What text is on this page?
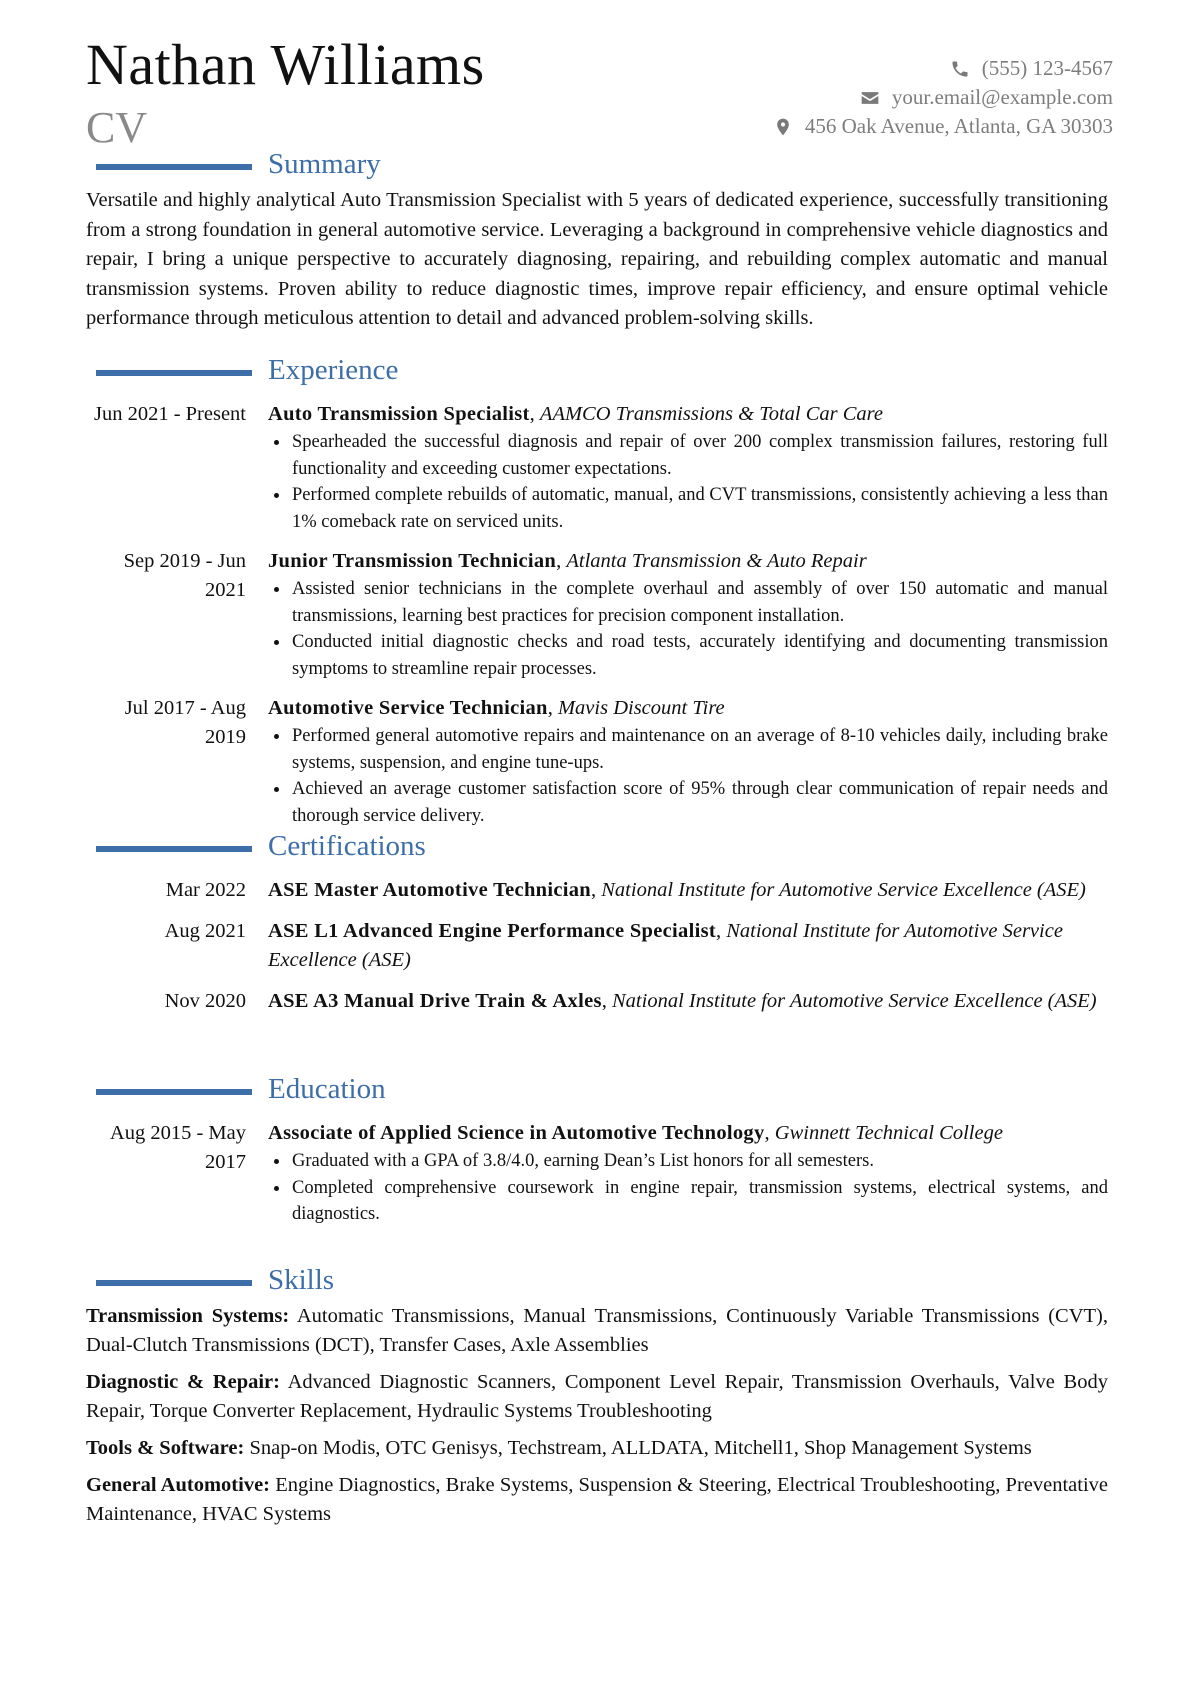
Nathan Williams
CV
(555) 123-4567
your.email@example.com
456 Oak Avenue, Atlanta, GA 30303
Summary
Versatile and highly analytical Auto Transmission Specialist with 5 years of dedicated experience, successfully transitioning from a strong foundation in general automotive service. Leveraging a background in comprehensive vehicle diagnostics and repair, I bring a unique perspective to accurately diagnosing, repairing, and rebuilding complex automatic and manual transmission systems. Proven ability to reduce diagnostic times, improve repair efficiency, and ensure optimal vehicle performance through meticulous attention to detail and advanced problem-solving skills.
Experience
Jun 2021 - Present Auto Transmission Specialist, AAMCO Transmissions & Total Car Care
Spearheaded the successful diagnosis and repair of over 200 complex transmission failures, restoring full functionality and exceeding customer expectations.
Performed complete rebuilds of automatic, manual, and CVT transmissions, consistently achieving a less than 1% comeback rate on serviced units.
Sep 2019 - Jun 2021
Junior Transmission Technician, Atlanta Transmission & Auto Repair
Assisted senior technicians in the complete overhaul and assembly of over 150 automatic and manual transmissions, learning best practices for precision component installation.
Conducted initial diagnostic checks and road tests, accurately identifying and documenting transmission symptoms to streamline repair processes.
Jul 2017 - Aug 2019
Automotive Service Technician, Mavis Discount Tire
Performed general automotive repairs and maintenance on an average of 8-10 vehicles daily, including brake systems, suspension, and engine tune-ups.
Achieved an average customer satisfaction score of 95% through clear communication of repair needs and thorough service delivery.
Certifications
Mar 2022 ASE Master Automotive Technician, National Institute for Automotive Service Excellence (ASE)
Aug 2021 ASE L1 Advanced Engine Performance Specialist, National Institute for Automotive Service Excellence (ASE)
Nov 2020 ASE A3 Manual Drive Train & Axles, National Institute for Automotive Service Excellence (ASE)
Education
Aug 2015 - May 2017
Associate of Applied Science in Automotive Technology, Gwinnett Technical College
Graduated with a GPA of 3.8/4.0, earning Dean’s List honors for all semesters.
Completed comprehensive coursework in engine repair, transmission systems, electrical systems, and diagnostics.
Skills
Transmission Systems: Automatic Transmissions, Manual Transmissions, Continuously Variable Transmissions (CVT), Dual-Clutch Transmissions (DCT), Transfer Cases, Axle Assemblies
Diagnostic & Repair: Advanced Diagnostic Scanners, Component Level Repair, Transmission Overhauls, Valve Body Repair, Torque Converter Replacement, Hydraulic Systems Troubleshooting
Tools & Software: Snap-on Modis, OTC Genisys, Techstream, ALLDATA, Mitchell1, Shop Management Systems
General Automotive: Engine Diagnostics, Brake Systems, Suspension & Steering, Electrical Troubleshooting, Preventative Maintenance, HVAC Systems
